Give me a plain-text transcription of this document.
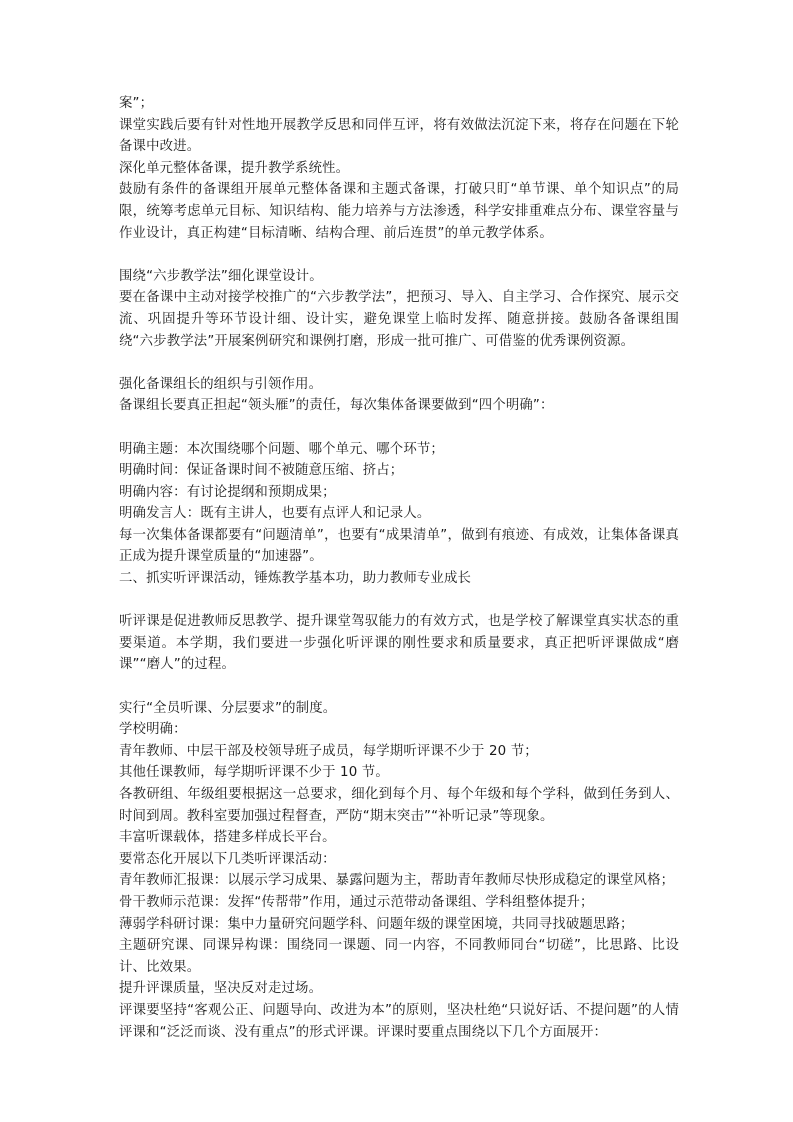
案”；

课堂实践后要有针对性地开展教学反思和同伴互评，将有效做法沉淀下来，将存在问题在下轮备课中改进。

深化单元整体备课，提升教学系统性。

鼓励有条件的备课组开展单元整体备课和主题式备课，打破只盯“单节课、单个知识点”的局限，统筹考虑单元目标、知识结构、能力培养与方法渗透，科学安排重难点分布、课堂容量与作业设计，真正构建“目标清晰、结构合理、前后连贯”的单元教学体系。

围绕“六步教学法”细化课堂设计。

要在备课中主动对接学校推广的“六步教学法”，把预习、导入、自主学习、合作探究、展示交流、巩固提升等环节设计细、设计实，避免课堂上临时发挥、随意拼接。鼓励各备课组围绕“六步教学法”开展案例研究和课例打磨，形成一批可推广、可借鉴的优秀课例资源。

强化备课组长的组织与引领作用。

备课组长要真正担起“领头雁”的责任，每次集体备课要做到“四个明确”：

明确主题：本次围绕哪个问题、哪个单元、哪个环节；

明确时间：保证备课时间不被随意压缩、挤占；

明确内容：有讨论提纲和预期成果；

明确发言人：既有主讲人，也要有点评人和记录人。

每一次集体备课都要有“问题清单”，也要有“成果清单”，做到有痕迹、有成效，让集体备课真正成为提升课堂质量的“加速器”。

二、抓实听评课活动，锤炼教学基本功，助力教师专业成长

听评课是促进教师反思教学、提升课堂驾驭能力的有效方式，也是学校了解课堂真实状态的重要渠道。本学期，我们要进一步强化听评课的刚性要求和质量要求，真正把听评课做成“磨课”“磨人”的过程。

实行“全员听课、分层要求”的制度。

学校明确：

青年教师、中层干部及校领导班子成员，每学期听评课不少于 20 节；

其他任课教师，每学期听评课不少于 10 节。

各教研组、年级组要根据这一总要求，细化到每个月、每个年级和每个学科，做到任务到人、时间到周。教科室要加强过程督查，严防“期末突击”“补听记录”等现象。

丰富听课载体，搭建多样成长平台。

要常态化开展以下几类听评课活动：

青年教师汇报课：以展示学习成果、暴露问题为主，帮助青年教师尽快形成稳定的课堂风格；

骨干教师示范课：发挥“传帮带”作用，通过示范带动备课组、学科组整体提升；

薄弱学科研讨课：集中力量研究问题学科、问题年级的课堂困境，共同寻找破题思路；

主题研究课、同课异构课：围绕同一课题、同一内容，不同教师同台“切磋”，比思路、比设计、比效果。

提升评课质量，坚决反对走过场。

评课要坚持“客观公正、问题导向、改进为本”的原则，坚决杜绝“只说好话、不提问题”的人情评课和“泛泛而谈、没有重点”的形式评课。评课时要重点围绕以下几个方面展开：
